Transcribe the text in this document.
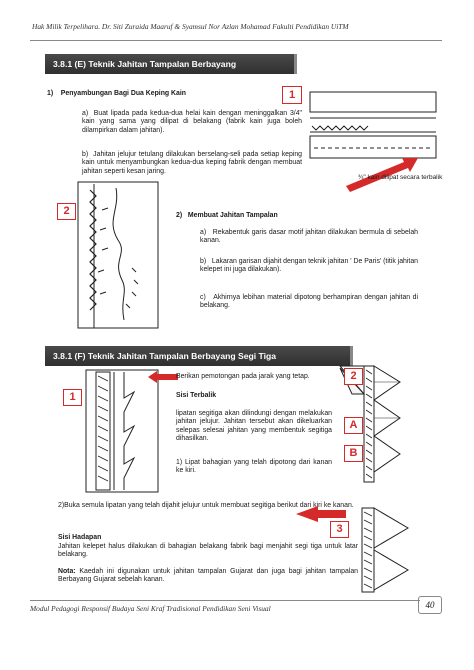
Hak Milik Terpelihara. Dr. Siti Zuraida Maaruf & Syamsul Nor Azlan Mohamad Fakulti Pendidikan UiTM
3.8.1 (E) Teknik Jahitan Tampalan Berbayang
1)    Penyambungan Bagi Dua Keping Kain
a)  Buat lipada pada kedua-dua helai kain dengan meninggalkan 3/4" kain yang sama yang dilipat di belakang (fabrik kain juga boleh dilampirkan dalam jahitan).
b)  Jahitan jelujur tetulang dilakukan berselang-seli pada setiap keping kain untuk menyambungkan kedua-dua keping fabrik dengan membuat jahitan seperti kesan jaring.
1
¾" kain dilipat secara terbalik
2	2)   Membuat Jahitan Tampalan
a)   Rekabentuk garis dasar motif jahitan dilakukan bermula di sebelah kanan.
b)   Lakaran garisan dijahit dengan teknik jahitan ' De Paris' (titik jahitan kelepet ini juga dilakukan).
c)   Akhirnya lebihan material dipotong berhampiran dengan jahitan di belakang.
3.8.1 (F) Teknik Jahitan Tampalan Berbayang Segi Tiga
1
Berikan pemotongan pada jarak yang tetap.
Sisi Terbalik
lipatan segitiga akan dilindungi dengan melakukan jahitan jelujur. Jahitan tersebut akan dikeluarkan selepas selesai jahitan yang membentuk segitiga dihasilkan.
1) Lipat bahagian yang telah dipotong dari kanan ke kiri.
2
A
B
2)Buka semula lipatan yang telah dijahit jelujur untuk membuat segitiga berikut dari kiri ke kanan.
3
Sisi Hadapan
Jahitan kelepet halus dilakukan di bahagian belakang fabrik bagi menjahit segi tiga untuk latar belakang.
Nota: Kaedah ini digunakan untuk jahitan tampalan Gujarat dan juga bagi jahitan tampalan Berbayang Gujarat sebelah kanan.
Modul Pedagogi Responsif Budaya Seni Kraf Tradisional Pendidikan Seni Visual	40
